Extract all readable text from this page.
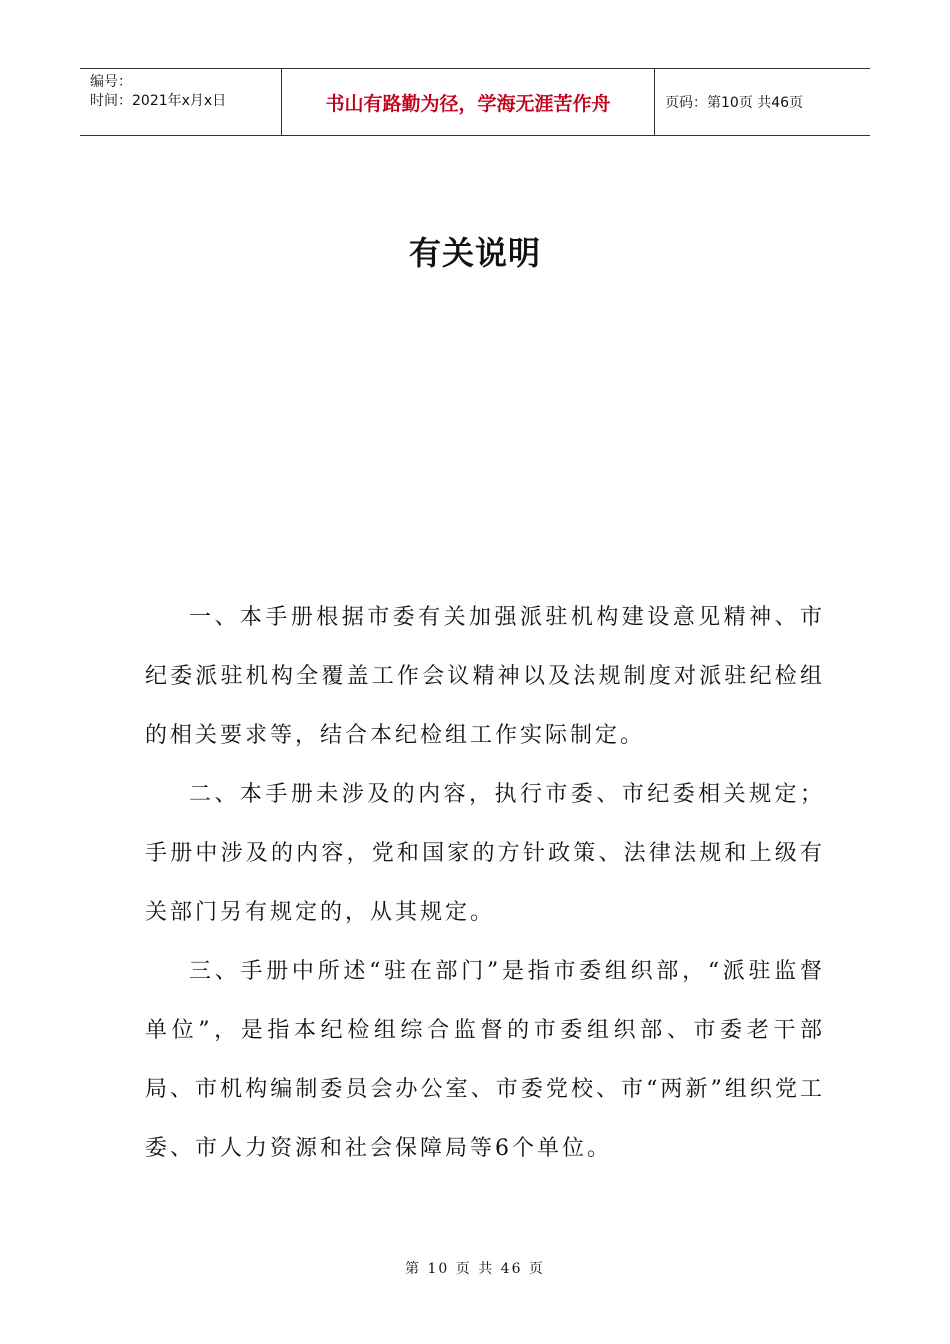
编号：
时间：2021年x月x日	书山有路勤为径，学海无涯苦作舟	页码：第10页 共46页
有关说明

一、本手册根据市委有关加强派驻机构建设意见精神、市纪委派驻机构全覆盖工作会议精神以及法规制度对派驻纪检组的相关要求等，结合本纪检组工作实际制定。

二、本手册未涉及的内容，执行市委、市纪委相关规定；手册中涉及的内容，党和国家的方针政策、法律法规和上级有关部门另有规定的，从其规定。

三、手册中所述“驻在部门”是指市委组织部，“派驻监督单位”，是指本纪检组综合监督的市委组织部、市委老干部局、市机构编制委员会办公室、市委党校、市“两新”组织党工委、市人力资源和社会保障局等6个单位。

第 10 页 共 46 页
